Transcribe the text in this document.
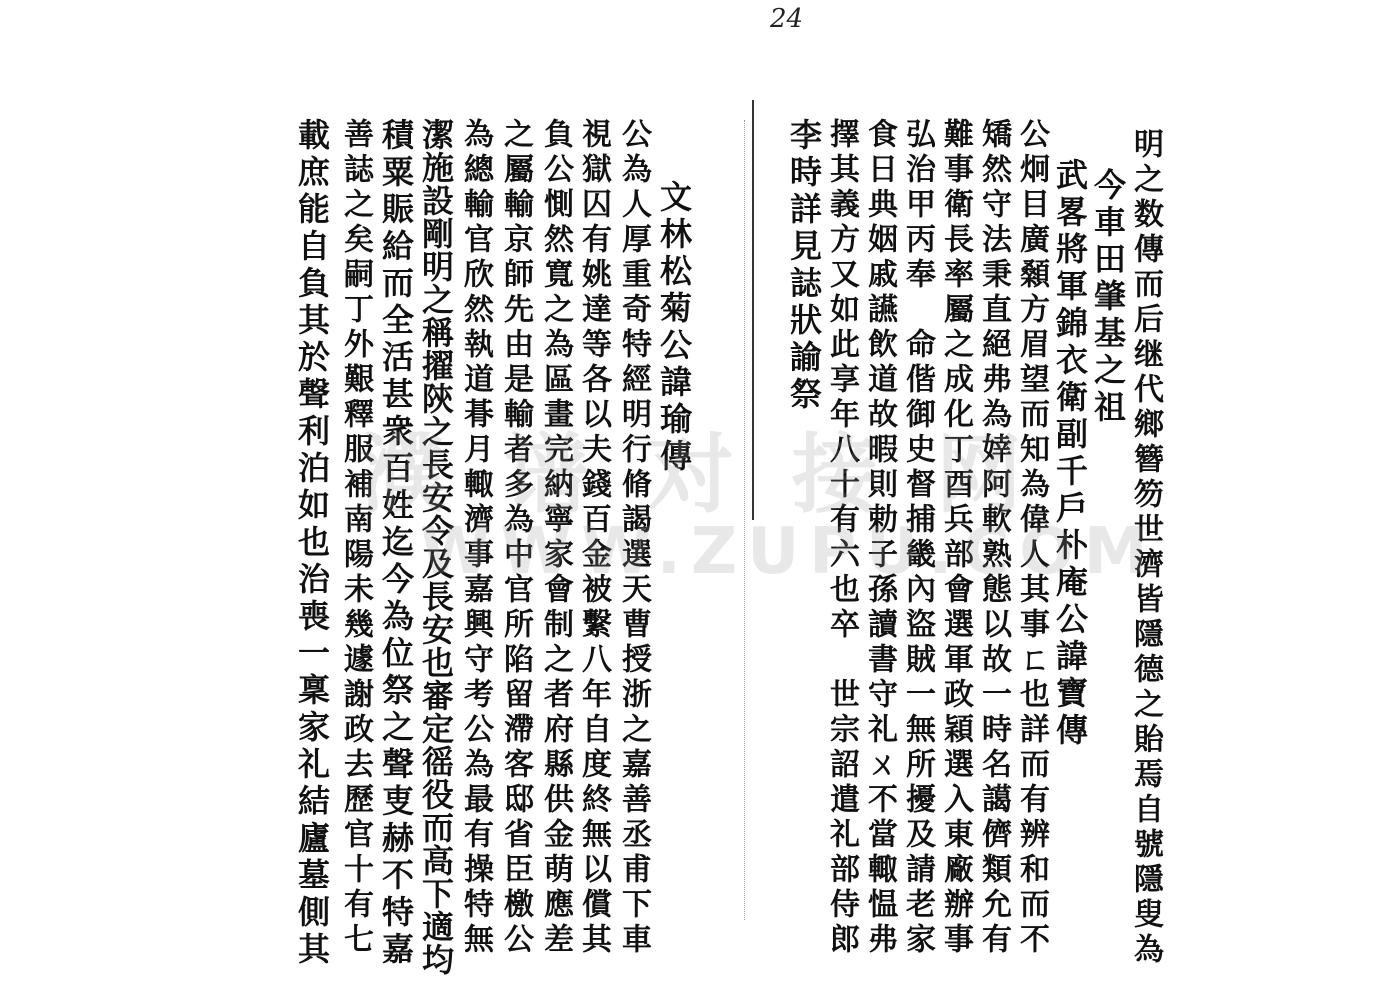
24
明之数傳而后继代鄉簪笏世濟皆隱德之貽焉自號隱叟為
今車田肇基之祖
武畧將軍錦衣衛副千戶朴庵公諱寶傳
公炯目廣顙方眉望而知為偉人其事ㄈ也詳而有辨和而不
矯然守法秉直絕弗為婞阿軟熟態以故一時名譪儕類允有
難事衛長率屬之成化丁酉兵部會選軍政穎選入東廠辦事
弘治甲丙奉　命偕御史督捕畿內盜賊一無所擾及請老家
食日典姻戚讌飲道故暇則勅子孫讀書守礼ㄨ不當輙愠弗
擇其義方又如此享年八十有六也卒　世宗詔遣礼部侍郎
李時詳見誌狀諭祭
文林松菊公諱瑜傳
公為人厚重奇特經明行脩謁選天曹授浙之嘉善丞甫下車
視獄囚有姚達等各以夫錢百金被繫八年自度終無以償其
負公惻然寬之為區畫完納寧家會制之者府縣供金萌應差
之屬輸京師先由是輸者多為中官所陷留滯客邸省臣檄公
為總輸官欣然執道朞月輙濟事嘉興守考公為最有操特無
潔施設剛明之稱擢陝之長安令及長安也審定徭役而高下適均
積粟賑給而全活甚衆百姓迄今為位祭之聲叓赫不特嘉
善誌之矣嗣丁外艱釋服補南陽未幾遽謝政去歷官十有七
載庶能自負其於聲利泊如也治喪一稟家礼結廬墓側其 濮 谱 对 接 网
WWW.ZUPU.COM
